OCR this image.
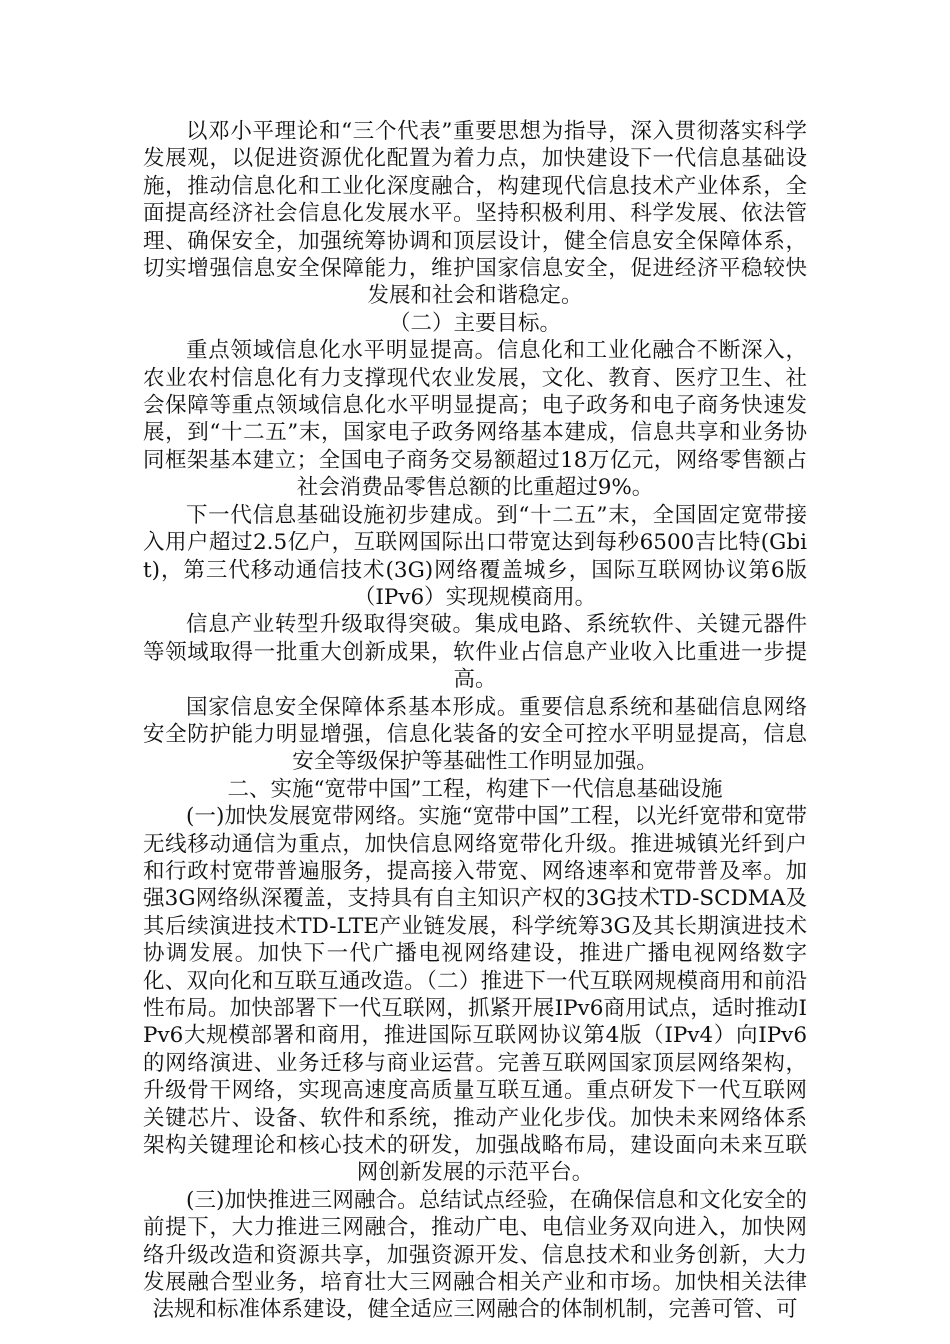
以邓小平理论和“三个代表”重要思想为指导，深入贯彻落实科学发展观，以促进资源优化配置为着力点，加快建设下一代信息基础设施，推动信息化和工业化深度融合，构建现代信息技术产业体系，全面提高经济社会信息化发展水平。坚持积极利用、科学发展、依法管理、确保安全，加强统筹协调和顶层设计，健全信息安全保障体系，切实增强信息安全保障能力，维护国家信息安全，促进经济平稳较快发展和社会和谐稳定。

（二）主要目标。

重点领域信息化水平明显提高。信息化和工业化融合不断深入，农业农村信息化有力支撑现代农业发展，文化、教育、医疗卫生、社会保障等重点领域信息化水平明显提高；电子政务和电子商务快速发展，到“十二五”末，国家电子政务网络基本建成，信息共享和业务协同框架基本建立；全国电子商务交易额超过18万亿元，网络零售额占社会消费品零售总额的比重超过9%。

下一代信息基础设施初步建成。到“十二五”末，全国固定宽带接入用户超过2.5亿户，互联网国际出口带宽达到每秒6500吉比特(Gbit)，第三代移动通信技术(3G)网络覆盖城乡，国际互联网协议第6版（IPv6）实现规模商用。

信息产业转型升级取得突破。集成电路、系统软件、关键元器件等领域取得一批重大创新成果，软件业占信息产业收入比重进一步提高。

国家信息安全保障体系基本形成。重要信息系统和基础信息网络安全防护能力明显增强，信息化装备的安全可控水平明显提高，信息安全等级保护等基础性工作明显加强。

二、实施“宽带中国”工程，构建下一代信息基础设施

(一)加快发展宽带网络。实施“宽带中国”工程，以光纤宽带和宽带无线移动通信为重点，加快信息网络宽带化升级。推进城镇光纤到户和行政村宽带普遍服务，提高接入带宽、网络速率和宽带普及率。加强3G网络纵深覆盖，支持具有自主知识产权的3G技术TD-SCDMA及其后续演进技术TD-LTE产业链发展，科学统筹3G及其长期演进技术协调发展。加快下一代广播电视网络建设，推进广播电视网络数字化、双向化和互联互通改造。（二）推进下一代互联网规模商用和前沿性布局。加快部署下一代互联网，抓紧开展IPv6商用试点，适时推动IPv6大规模部署和商用，推进国际互联网协议第4版（IPv4）向IPv6的网络演进、业务迁移与商业运营。完善互联网国家顶层网络架构，升级骨干网络，实现高速度高质量互联互通。重点研发下一代互联网关键芯片、设备、软件和系统，推动产业化步伐。加快未来网络体系架构关键理论和核心技术的研发，加强战略布局，建设面向未来互联网创新发展的示范平台。

(三)加快推进三网融合。总结试点经验，在确保信息和文化安全的前提下，大力推进三网融合，推动广电、电信业务双向进入，加快网络升级改造和资源共享，加强资源开发、信息技术和业务创新，大力发展融合型业务，培育壮大三网融合相关产业和市场。加快相关法律法规和标准体系建设，健全适应三网融合的体制机制，完善可管、可
